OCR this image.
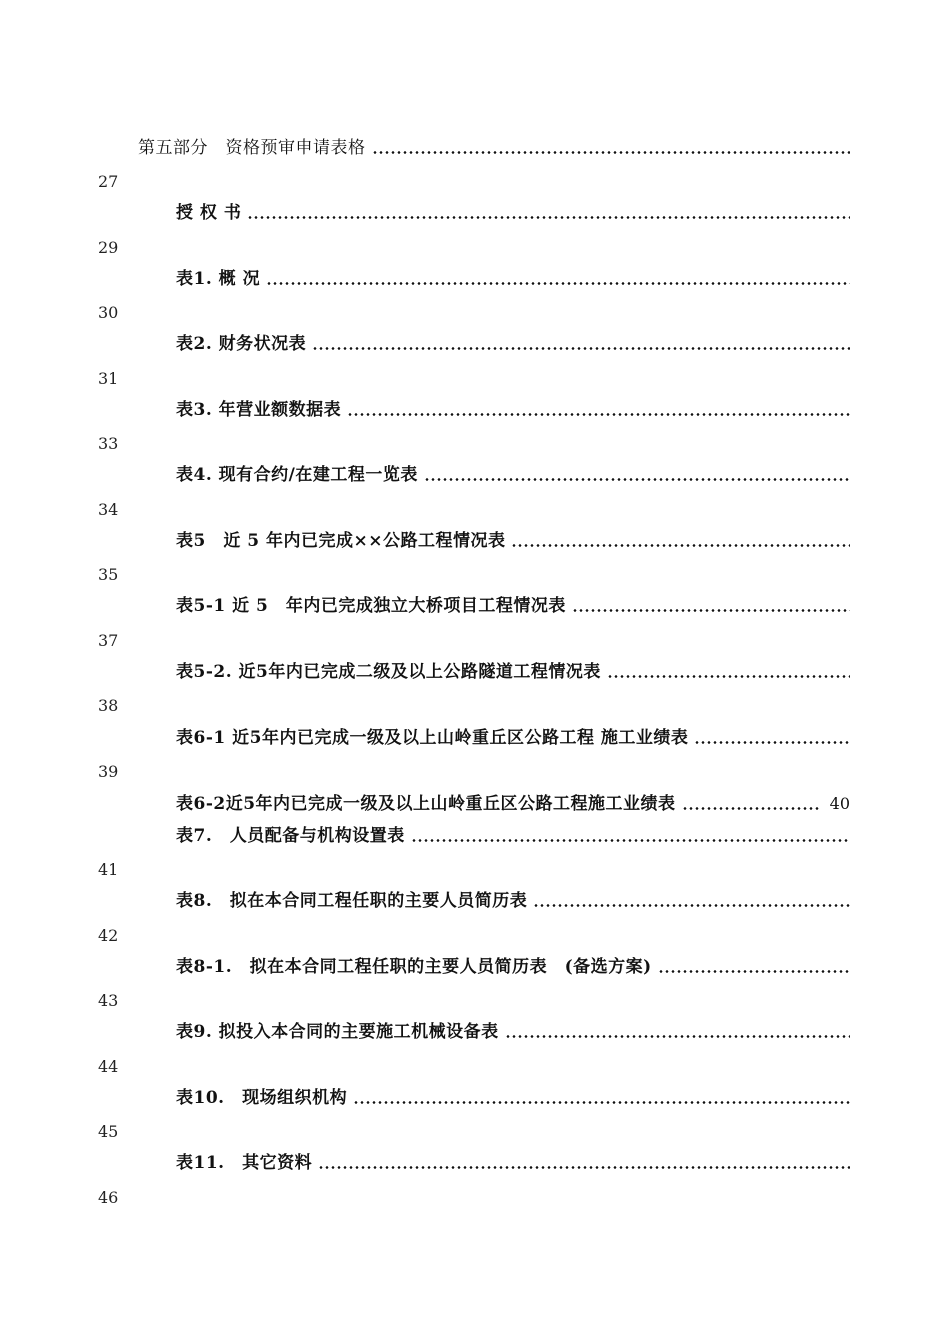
第五部分　资格预审申请表格
27
授 权 书
29
表1. 概 况
30
表2. 财务状况表
31
表3. 年营业额数据表
33
表4. 现有合约/在建工程一览表
34
表5　近 5 年内已完成××公路工程情况表
35
表5-1 近 5　年内已完成独立大桥项目工程情况表
37
表5-2. 近5年内已完成二级及以上公路隧道工程情况表
38
表6-1 近5年内已完成一级及以上山岭重丘区公路工程 施工业绩表
39
表6-2近5年内已完成一级及以上山岭重丘区公路工程施工业绩表	40
表7.　人员配备与机构设置表
41
表8.　拟在本合同工程任职的主要人员简历表
42
表8-1.　拟在本合同工程任职的主要人员简历表　(备选方案)
43
表9. 拟投入本合同的主要施工机械设备表
44
表10.　现场组织机构
45
表11.　其它资料
46
